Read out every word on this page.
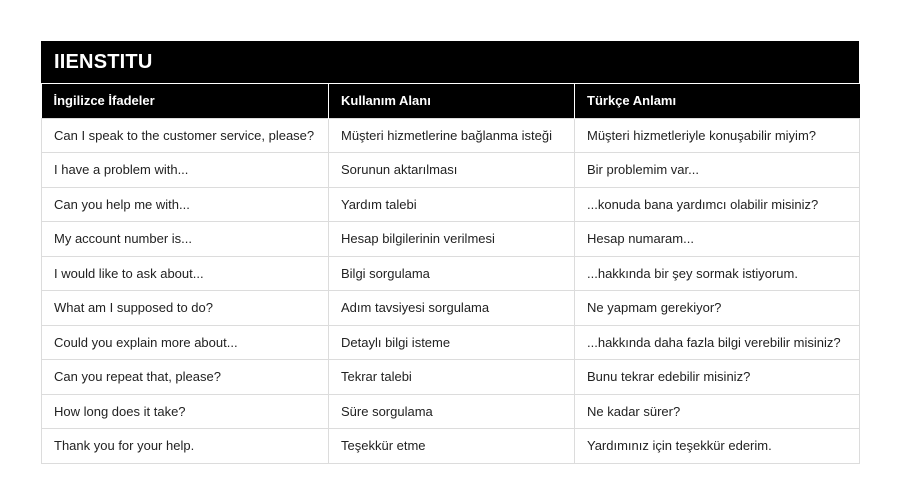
IIENSTITU
İngilizce İfadeler	Kullanım Alanı	Türkçe Anlamı
Can I speak to the customer service, please?	Müşteri hizmetlerine bağlanma isteği	Müşteri hizmetleriyle konuşabilir miyim?
I have a problem with...	Sorunun aktarılması	Bir problemim var...
Can you help me with...	Yardım talebi	...konuda bana yardımcı olabilir misiniz?
My account number is...	Hesap bilgilerinin verilmesi	Hesap numaram...
I would like to ask about...	Bilgi sorgulama	...hakkında bir şey sormak istiyorum.
What am I supposed to do?	Adım tavsiyesi sorgulama	Ne yapmam gerekiyor?
Could you explain more about...	Detaylı bilgi isteme	...hakkında daha fazla bilgi verebilir misiniz?
Can you repeat that, please?	Tekrar talebi	Bunu tekrar edebilir misiniz?
How long does it take?	Süre sorgulama	Ne kadar sürer?
Thank you for your help.	Teşekkür etme	Yardımınız için teşekkür ederim.
